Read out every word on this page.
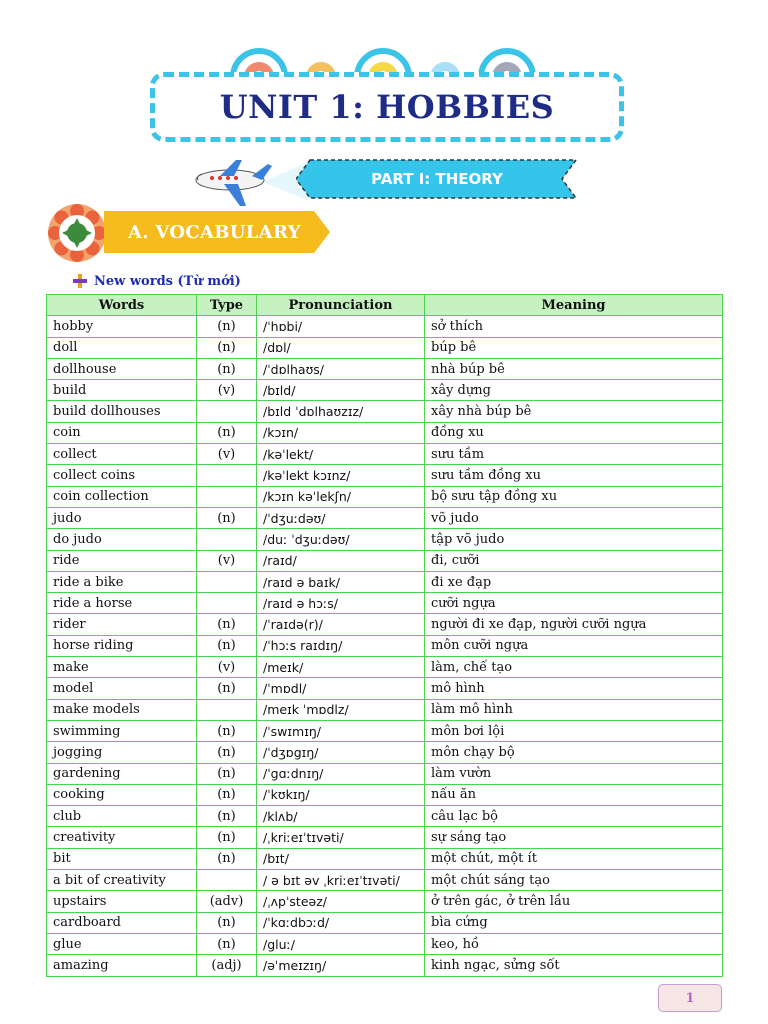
UNIT 1: HOBBIES
PART I: THEORY
A. VOCABULARY
New words (Từ mới)
Words	Type	Pronunciation	Meaning
hobby	(n)	/ˈhɒbi/	sở thích
doll	(n)	/dɒl/	búp bê
dollhouse	(n)	/ˈdɒlhaʊs/	nhà búp bê
build	(v)	/bɪld/	xây dựng
build dollhouses		/bɪld ˈdɒlhaʊzɪz/	xây nhà búp bê
coin	(n)	/kɔɪn/	đồng xu
collect	(v)	/kəˈlekt/	sưu tầm
collect coins		/kəˈlekt kɔɪnz/	sưu tầm đồng xu
coin collection		/kɔɪn kəˈlekʃn/	bộ sưu tập đồng xu
judo	(n)	/ˈdʒuːdəʊ/	võ judo
do judo		/duː ˈdʒuːdəʊ/	tập võ judo
ride	(v)	/raɪd/	đi, cưỡi
ride a bike		/raɪd ə baɪk/	đi xe đạp
ride a horse		/raɪd ə hɔːs/	cưỡi ngựa
rider	(n)	/ˈraɪdə(r)/	người đi xe đạp, người cưỡi ngựa
horse riding	(n)	/ˈhɔːs raɪdɪŋ/	môn cưỡi ngựa
make	(v)	/meɪk/	làm, chế tạo
model	(n)	/ˈmɒdl/	mô hình
make models		/meɪk ˈmɒdlz/	làm mô hình
swimming	(n)	/ˈswɪmɪŋ/	môn bơi lội
jogging	(n)	/ˈdʒɒgɪŋ/	môn chạy bộ
gardening	(n)	/ˈgɑːdnɪŋ/	làm vườn
cooking	(n)	/ˈkʊkɪŋ/	nấu ăn
club	(n)	/klʌb/	câu lạc bộ
creativity	(n)	/ˌkriːeɪˈtɪvəti/	sự sáng tạo
bit	(n)	/bɪt/	một chút, một ít
a bit of creativity		/ ə bɪt əv ˌkriːeɪˈtɪvəti/	một chút sáng tạo
upstairs	(adv)	/ˌʌpˈsteəz/	ở trên gác, ở trên lầu
cardboard	(n)	/ˈkɑːdbɔːd/	bìa cứng
glue	(n)	/gluː/	keo, hồ
amazing	(adj)	/əˈmeɪzɪŋ/	kinh ngạc, sửng sốt
1
